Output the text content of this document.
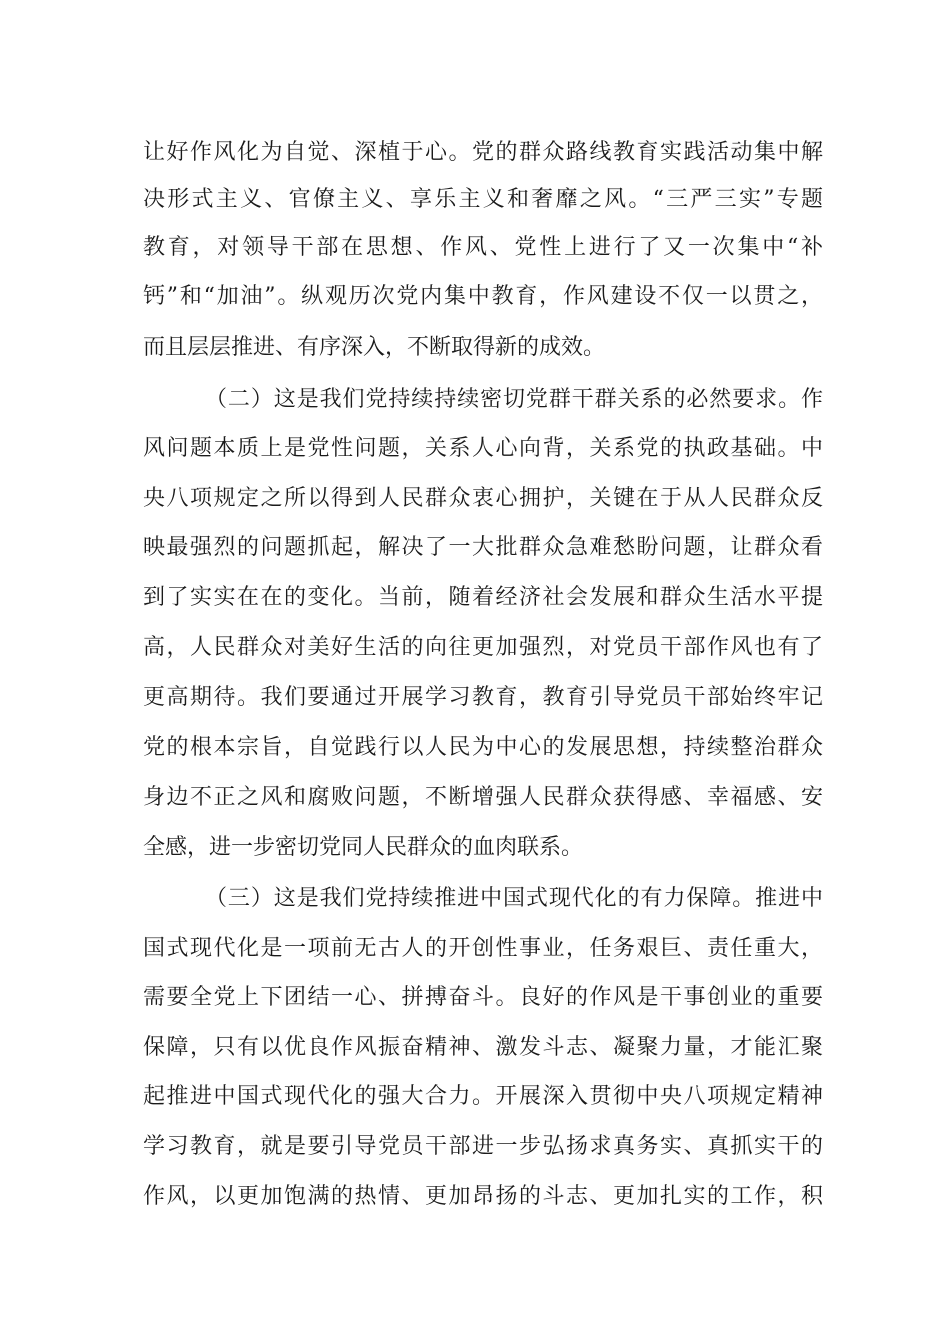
让好作风化为自觉、深植于心。党的群众路线教育实践活动集中解
决形式主义、官僚主义、享乐主义和奢靡之风。“三严三实”专题
教育，对领导干部在思想、作风、党性上进行了又一次集中“补
钙”和“加油”。纵观历次党内集中教育，作风建设不仅一以贯之，
而且层层推进、有序深入，不断取得新的成效。
（二）这是我们党持续持续密切党群干群关系的必然要求。作
风问题本质上是党性问题，关系人心向背，关系党的执政基础。中
央八项规定之所以得到人民群众衷心拥护，关键在于从人民群众反
映最强烈的问题抓起，解决了一大批群众急难愁盼问题，让群众看
到了实实在在的变化。当前，随着经济社会发展和群众生活水平提
高，人民群众对美好生活的向往更加强烈，对党员干部作风也有了
更高期待。我们要通过开展学习教育，教育引导党员干部始终牢记
党的根本宗旨，自觉践行以人民为中心的发展思想，持续整治群众
身边不正之风和腐败问题，不断增强人民群众获得感、幸福感、安
全感，进一步密切党同人民群众的血肉联系。
（三）这是我们党持续推进中国式现代化的有力保障。推进中
国式现代化是一项前无古人的开创性事业，任务艰巨、责任重大，
需要全党上下团结一心、拼搏奋斗。良好的作风是干事创业的重要
保障，只有以优良作风振奋精神、激发斗志、凝聚力量，才能汇聚
起推进中国式现代化的强大合力。开展深入贯彻中央八项规定精神
学习教育，就是要引导党员干部进一步弘扬求真务实、真抓实干的
作风，以更加饱满的热情、更加昂扬的斗志、更加扎实的工作，积
